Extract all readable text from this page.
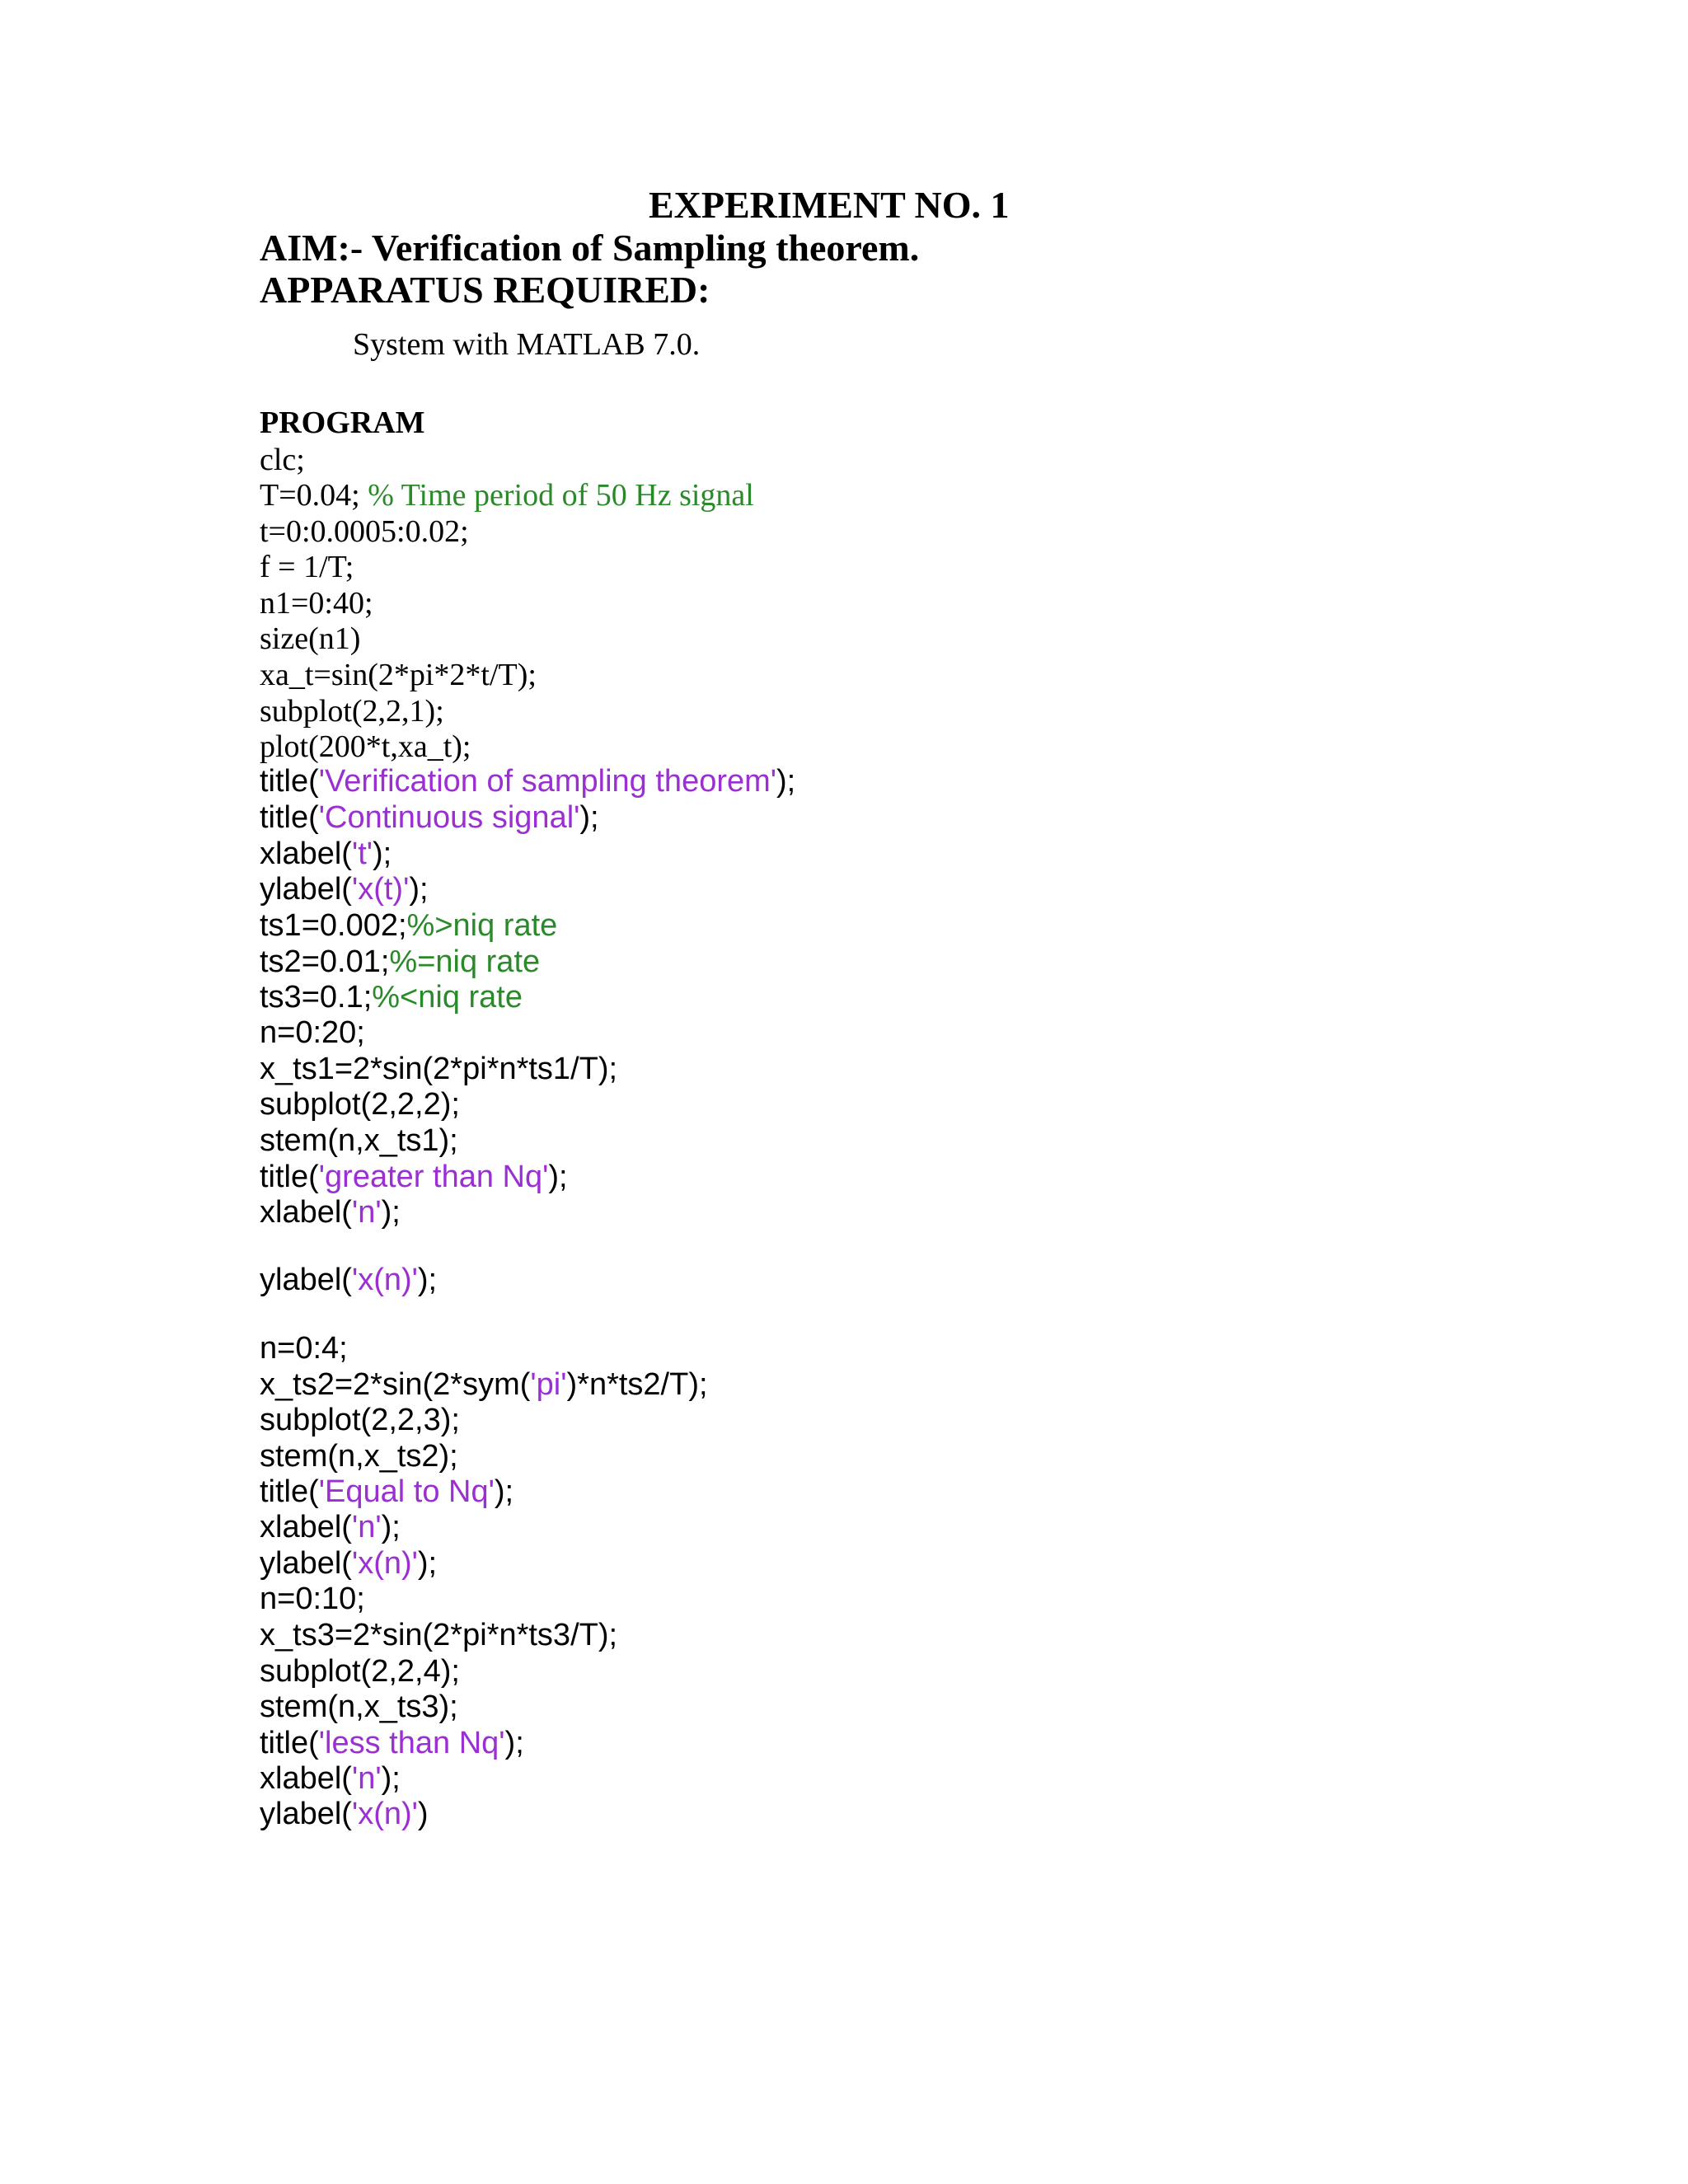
EXPERIMENT NO. 1
AIM:- Verification of Sampling theorem.
APPARATUS REQUIRED:
System with MATLAB 7.0.
PROGRAM
clc;
T=0.04; % Time period of 50 Hz signal
t=0:0.0005:0.02;
f = 1/T;
n1=0:40;
size(n1)
xa_t=sin(2*pi*2*t/T);
subplot(2,2,1);
plot(200*t,xa_t);
title('Verification of sampling theorem');
title('Continuous signal');
xlabel('t');
ylabel('x(t)');
ts1=0.002;%>niq rate
ts2=0.01;%=niq rate
ts3=0.1;%<niq rate
n=0:20;
x_ts1=2*sin(2*pi*n*ts1/T);
subplot(2,2,2);
stem(n,x_ts1);
title('greater than Nq');
xlabel('n');
ylabel('x(n)');
n=0:4;
x_ts2=2*sin(2*sym('pi')*n*ts2/T);
subplot(2,2,3);
stem(n,x_ts2);
title('Equal to Nq');
xlabel('n');
ylabel('x(n)');
n=0:10;
x_ts3=2*sin(2*pi*n*ts3/T);
subplot(2,2,4);
stem(n,x_ts3);
title('less than Nq');
xlabel('n');
ylabel('x(n)')
